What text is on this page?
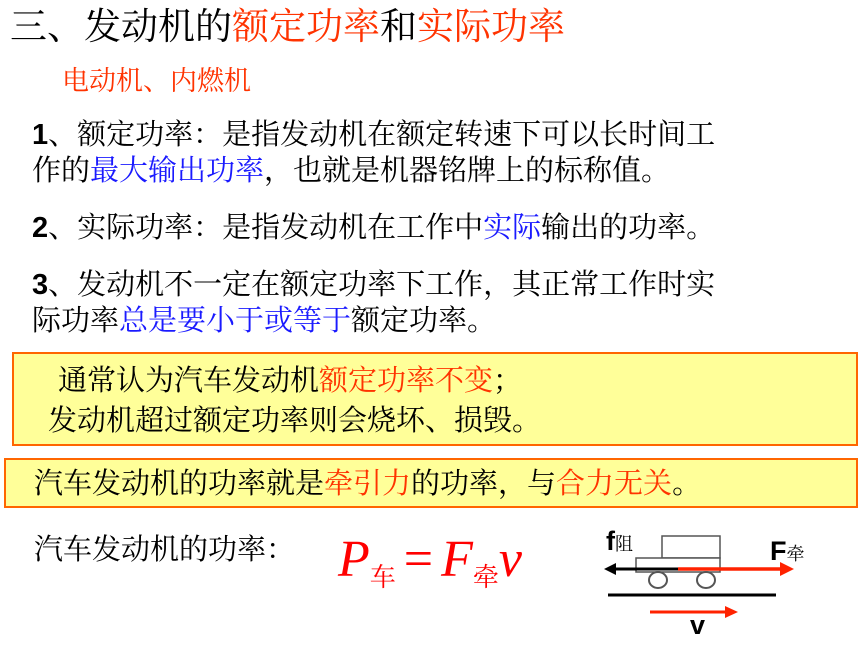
三、发动机的额定功率和实际功率
电动机、内燃机
1、额定功率：是指发动机在额定转速下可以长时间工
作的最大输出功率，也就是机器铭牌上的标称值。
2、实际功率：是指发动机在工作中实际输出的功率。
3、发动机不一定在额定功率下工作，其正常工作时实
际功率总是要小于或等于额定功率。
通常认为汽车发动机额定功率不变；
发动机超过额定功率则会烧坏、损毁。
汽车发动机的功率就是牵引力的功率，与合力无关。
汽车发动机的功率： P车 = F牵v	f阻	F牵
v
